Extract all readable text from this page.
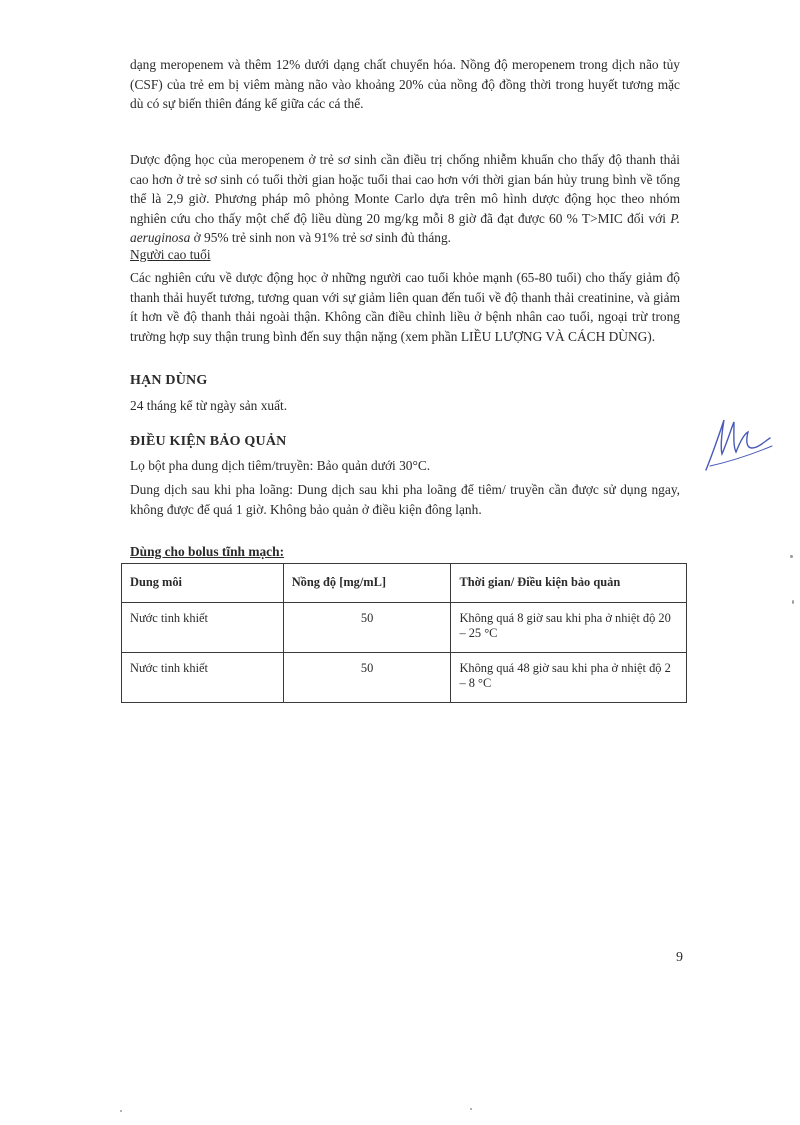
dạng meropenem và thêm 12% dưới dạng chất chuyển hóa. Nồng độ meropenem trong dịch não tủy (CSF) của trẻ em bị viêm màng não vào khoảng 20% của nồng độ đồng thời trong huyết tương mặc dù có sự biến thiên đáng kể giữa các cá thể.

Dược động học của meropenem ở trẻ sơ sinh cần điều trị chống nhiễm khuẩn cho thấy độ thanh thải cao hơn ở trẻ sơ sinh có tuổi thời gian hoặc tuổi thai cao hơn với thời gian bán hủy trung bình về tổng thể là 2,9 giờ. Phương pháp mô phỏng Monte Carlo dựa trên mô hình dược động học theo nhóm nghiên cứu cho thấy một chế độ liều dùng 20 mg/kg mỗi 8 giờ đã đạt được 60 % T>MIC đối với P. aeruginosa ở 95% trẻ sinh non và 91% trẻ sơ sinh đủ tháng.

Người cao tuổi

Các nghiên cứu về dược động học ở những người cao tuổi khỏe mạnh (65-80 tuổi) cho thấy giảm độ thanh thải huyết tương, tương quan với sự giảm liên quan đến tuổi về độ thanh thải creatinine, và giảm ít hơn về độ thanh thải ngoài thận. Không cần điều chỉnh liều ở bệnh nhân cao tuổi, ngoại trừ trong trường hợp suy thận trung bình đến suy thận nặng (xem phần LIỀU LƯỢNG VÀ CÁCH DÙNG).

HẠN DÙNG

24 tháng kể từ ngày sản xuất.

ĐIỀU KIỆN BẢO QUẢN

Lọ bột pha dung dịch tiêm/truyền: Bảo quản dưới 30°C.

Dung dịch sau khi pha loãng: Dung dịch sau khi pha loãng để tiêm/ truyền cần được sử dụng ngay, không được để quá 1 giờ. Không bảo quản ở điều kiện đông lạnh.

Dùng cho bolus tĩnh mạch:

Dung môi	Nồng độ [mg/mL]	Thời gian/ Điều kiện bảo quản
Nước tinh khiết	50	Không quá 8 giờ sau khi pha ở nhiệt độ 20 – 25 °C
Nước tinh khiết	50	Không quá 48 giờ sau khi pha ở nhiệt độ 2 – 8 °C

9
